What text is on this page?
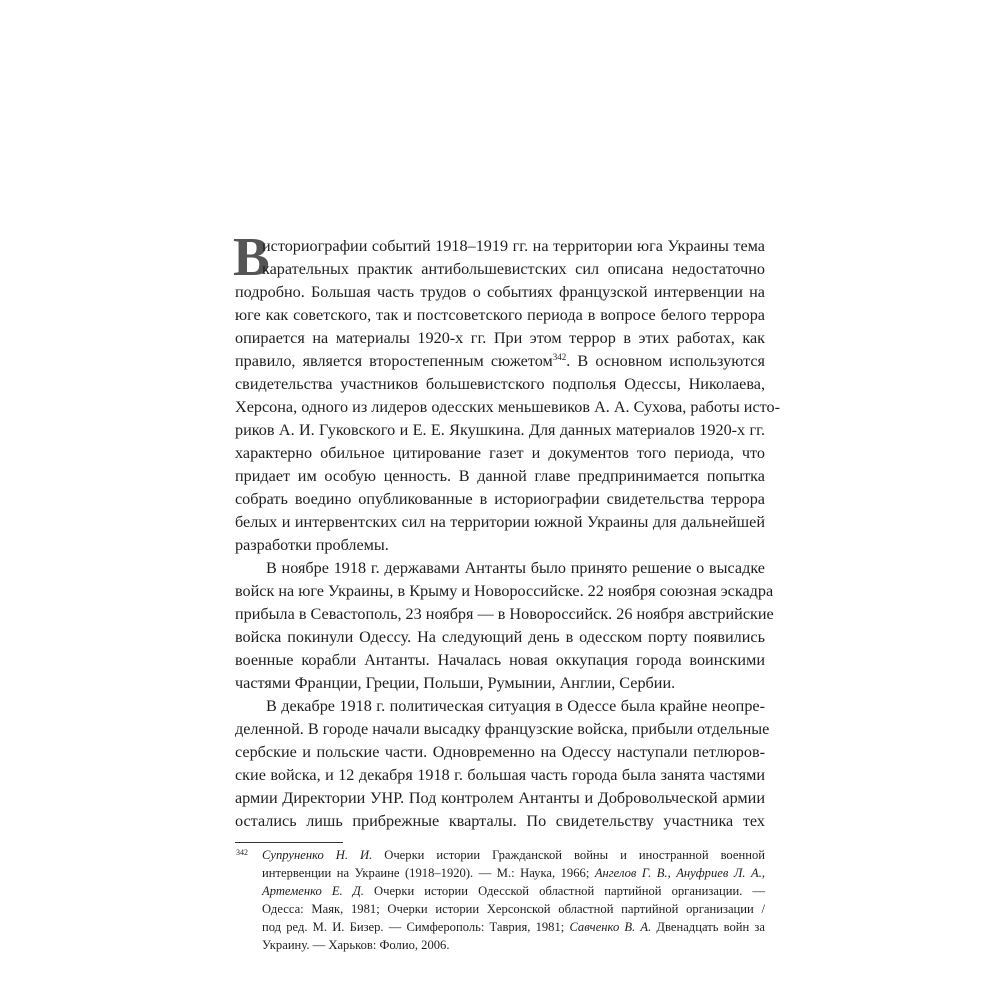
В
историографии событий 1918–1919 гг. на территории юга Украины тема
карательных практик антибольшевистских сил описана недостаточно
подробно. Большая часть трудов о событиях французской интервенции на
юге как советского, так и постсоветского периода в вопросе белого террора
опирается на материалы 1920-х гг. При этом террор в этих работах, как
правило, является второстепенным сюжетом$^{342}$. В основном используются
свидетельства участников большевистского подполья Одессы, Николаева,
Херсона, одного из лидеров одесских меньшевиков А. А. Сухова, работы исто-
риков А. И. Гуковского и Е. Е. Якушкина. Для данных материалов 1920-х гг.
характерно обильное цитирование газет и документов того периода, что
придает им особую ценность. В данной главе предпринимается попытка
собрать воедино опубликованные в историографии свидетельства террора
белых и интервентских сил на территории южной Украины для дальнейшей
разработки проблемы.
В ноябре 1918 г. державами Антанты было принято решение о высадке
войск на юге Украины, в Крыму и Новороссийске. 22 ноября союзная эскадра
прибыла в Севастополь, 23 ноября — в Новороссийск. 26 ноября австрийские
войска покинули Одессу. На следующий день в одесском порту появились
военные корабли Антанты. Началась новая оккупация города воинскими
частями Франции, Греции, Польши, Румынии, Англии, Сербии.
В декабре 1918 г. политическая ситуация в Одессе была крайне неопре-
деленной. В городе начали высадку французские войска, прибыли отдельные
сербские и польские части. Одновременно на Одессу наступали петлюров-
ские войска, и 12 декабря 1918 г. большая часть города была занята частями
армии Директории УНР. Под контролем Антанты и Добровольческой армии
остались лишь прибрежные кварталы. По свидетельству участника тех
342 Супруненко Н. И. Очерки истории Гражданской войны и иностранной военной
интервенции на Украине (1918–1920). — М.: Наука, 1966; Ангелов Г. В., Ануфриев Л. А.,
Артеменко Е. Д. Очерки истории Одесской областной партийной организации. —
Одесса: Маяк, 1981; Очерки истории Херсонской областной партийной организации /
под ред. М. И. Бизер. — Симферополь: Таврия, 1981; Савченко В. А. Двенадцать войн за
Украину. — Харьков: Фолио, 2006.
